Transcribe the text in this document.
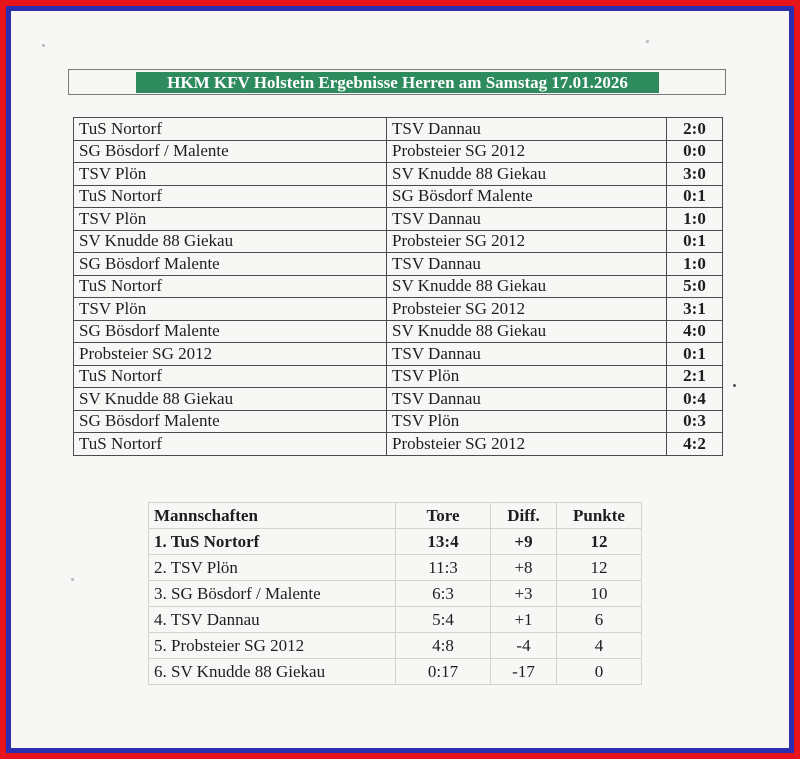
HKM KFV Holstein Ergebnisse Herren am Samstag 17.01.2026
TuS Nortorf	TSV Dannau	2:0
SG Bösdorf / Malente	Probsteier SG 2012	0:0
TSV Plön	SV Knudde 88 Giekau	3:0
TuS Nortorf	SG Bösdorf Malente	0:1
TSV Plön	TSV Dannau	1:0
SV Knudde 88 Giekau	Probsteier SG 2012	0:1
SG Bösdorf Malente	TSV Dannau	1:0
TuS Nortorf	SV Knudde 88 Giekau	5:0
TSV Plön	Probsteier SG 2012	3:1
SG Bösdorf Malente	SV Knudde 88 Giekau	4:0
Probsteier SG 2012	TSV Dannau	0:1
TuS Nortorf	TSV Plön	2:1
SV Knudde 88 Giekau	TSV Dannau	0:4
SG Bösdorf Malente	TSV Plön	0:3
TuS Nortorf	Probsteier SG 2012	4:2
Mannschaften	Tore	Diff.	Punkte
1. TuS Nortorf	13:4	+9	12
2. TSV Plön	11:3	+8	12
3. SG Bösdorf / Malente	6:3	+3	10
4. TSV Dannau	5:4	+1	6
5. Probsteier SG 2012	4:8	-4	4
6. SV Knudde 88 Giekau	0:17	-17	0
